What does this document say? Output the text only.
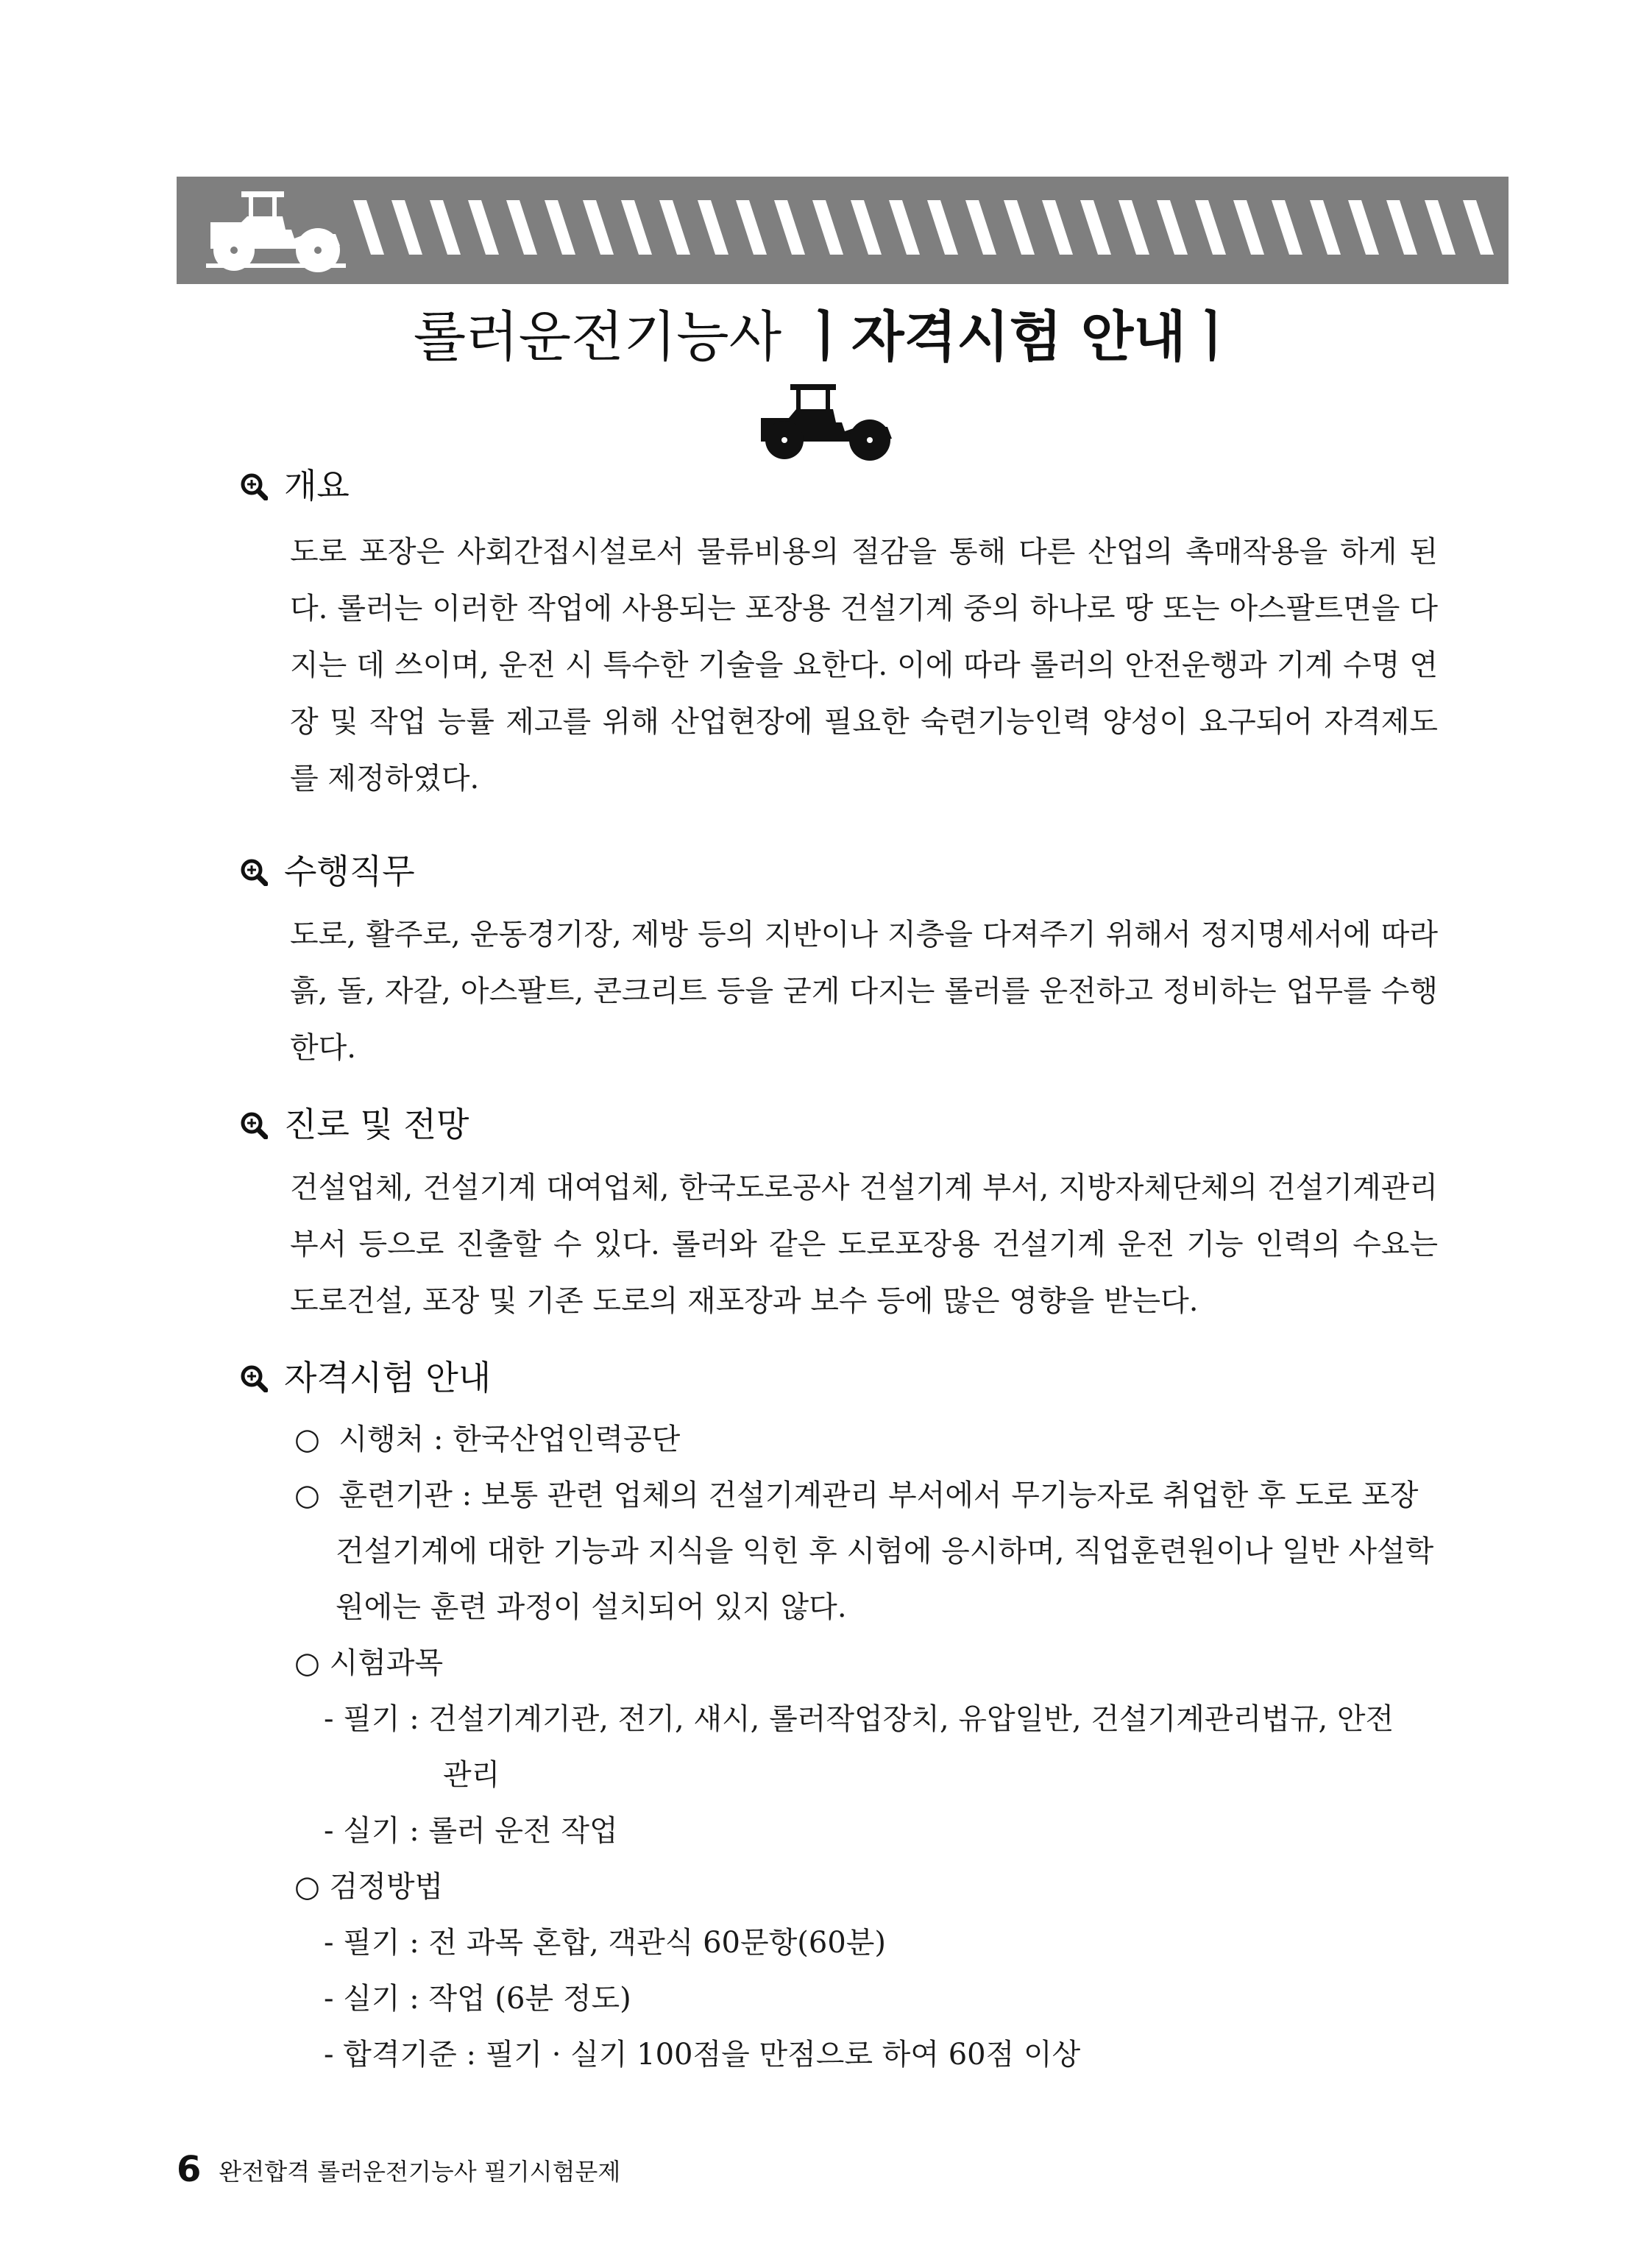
롤러운전기능사 ㅣ자격시험 안내ㅣ
개요
도로 포장은 사회간접시설로서 물류비용의 절감을 통해 다른 산업의 촉매작용을 하게 된다. 롤러는 이러한 작업에 사용되는 포장용 건설기계 중의 하나로 땅 또는 아스팔트면을 다지는 데 쓰이며, 운전 시 특수한 기술을 요한다. 이에 따라 롤러의 안전운행과 기계 수명 연장 및 작업 능률 제고를 위해 산업현장에 필요한 숙련기능인력 양성이 요구되어 자격제도를 제정하였다.
수행직무
도로, 활주로, 운동경기장, 제방 등의 지반이나 지층을 다져주기 위해서 정지명세서에 따라 흙, 돌, 자갈, 아스팔트, 콘크리트 등을 굳게 다지는 롤러를 운전하고 정비하는 업무를 수행한다.
진로 및 전망
건설업체, 건설기계 대여업체, 한국도로공사 건설기계 부서, 지방자체단체의 건설기계관리 부서 등으로 진출할 수 있다. 롤러와 같은 도로포장용 건설기계 운전 기능 인력의 수요는 도로건설, 포장 및 기존 도로의 재포장과 보수 등에 많은 영향을 받는다.
자격시험 안내
○ 시행처 : 한국산업인력공단
○ 훈련기관 : 보통 관련 업체의 건설기계관리 부서에서 무기능자로 취업한 후 도로 포장
건설기계에 대한 기능과 지식을 익힌 후 시험에 응시하며, 직업훈련원이나 일반 사설학
원에는 훈련 과정이 설치되어 있지 않다.
○ 시험과목
- 필기 : 건설기계기관, 전기, 섀시, 롤러작업장치, 유압일반, 건설기계관리법규, 안전
관리
- 실기 : 롤러 운전 작업
○ 검정방법
- 필기 : 전 과목 혼합, 객관식 60문항(60분)
- 실기 : 작업 (6분 정도)
- 합격기준 : 필기 · 실기 100점을 만점으로 하여 60점 이상
6 완전합격 롤러운전기능사 필기시험문제
